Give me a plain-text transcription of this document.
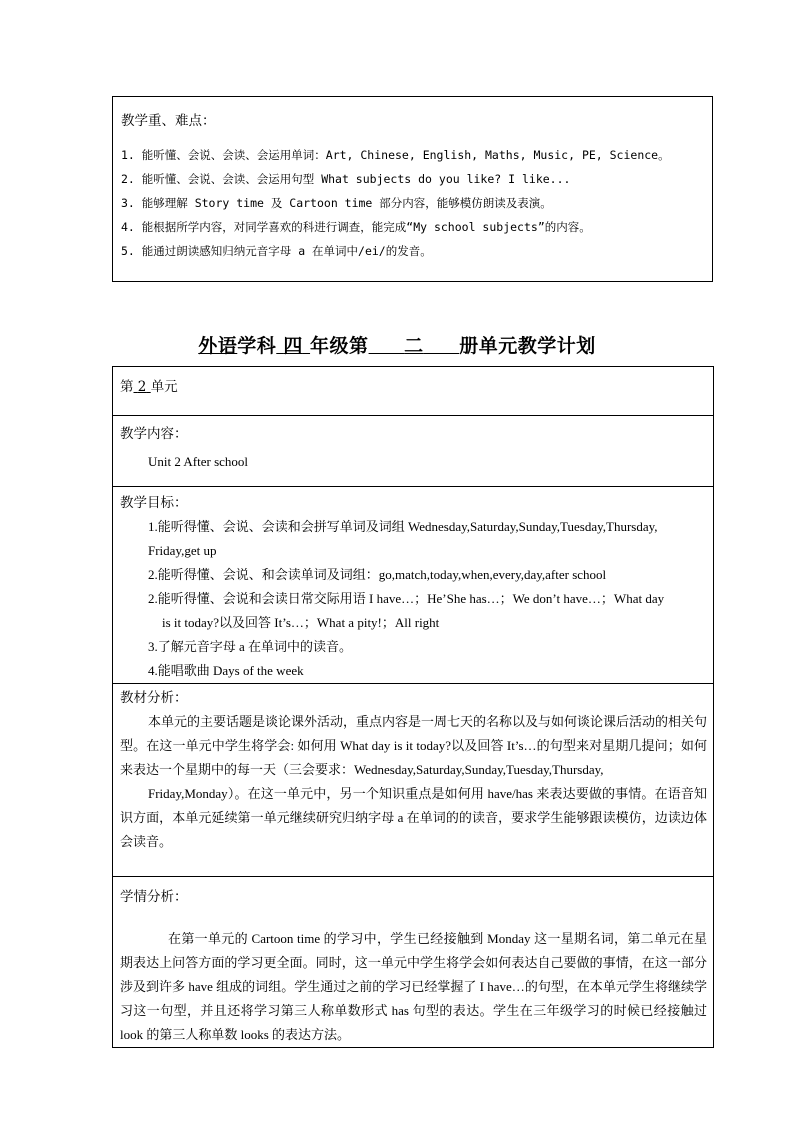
教学重、难点：
1. 能听懂、会说、会读、会运用单词：Art, Chinese, English, Maths, Music, PE, Science。
2. 能听懂、会说、会读、会运用句型 What subjects do you like? I like...
3. 能够理解 Story time 及 Cartoon time 部分内容，能够模仿朗读及表演。
4. 能根据所学内容，对同学喜欢的科进行调查，能完成“My school subjects”的内容。
5. 能通过朗读感知归纳元音字母 a 在单词中/ei/的发音。
外语学科 四 年级第 二 册单元教学计划
第 2 单元

教学内容：
Unit 2 After school

教学目标：
1.能听得懂、会说、会读和会拼写单词及词组 Wednesday,Saturday,Sunday,Tuesday,Thursday,
Friday,get up
2.能听得懂、会说、和会读单词及词组：go,match,today,when,every,day,after school
2.能听得懂、会说和会读日常交际用语 I have…；He’She has…；We don’t have…；What day
is it today?以及回答 It’s…；What a pity!；All right
3.了解元音字母 a 在单词中的读音。
4.能唱歌曲 Days of the week

教材分析：
本单元的主要话题是谈论课外活动，重点内容是一周七天的名称以及与如何谈论课后活动的相关句型。在这一单元中学生将学会: 如何用 What day is it today?以及回答 It’s…的句型来对星期几提问；如何来表达一个星期中的每一天（三会要求：Wednesday,Saturday,Sunday,Tuesday,Thursday,
Friday,Monday）。在这一单元中，另一个知识重点是如何用 have/has 来表达要做的事情。在语音知识方面，本单元延续第一单元继续研究归纳字母 a 在单词的的读音，要求学生能够跟读模仿，边读边体会读音。

学情分析：
在第一单元的 Cartoon time 的学习中，学生已经接触到 Monday 这一星期名词，第二单元在星期表达上问答方面的学习更全面。同时，这一单元中学生将学会如何表达自己要做的事情，在这一部分涉及到许多 have 组成的词组。学生通过之前的学习已经掌握了 I have…的句型，在本单元学生将继续学习这一句型，并且还将学习第三人称单数形式 has 句型的表达。学生在三年级学习的时候已经接触过 look 的第三人称单数 looks 的表达方法。
